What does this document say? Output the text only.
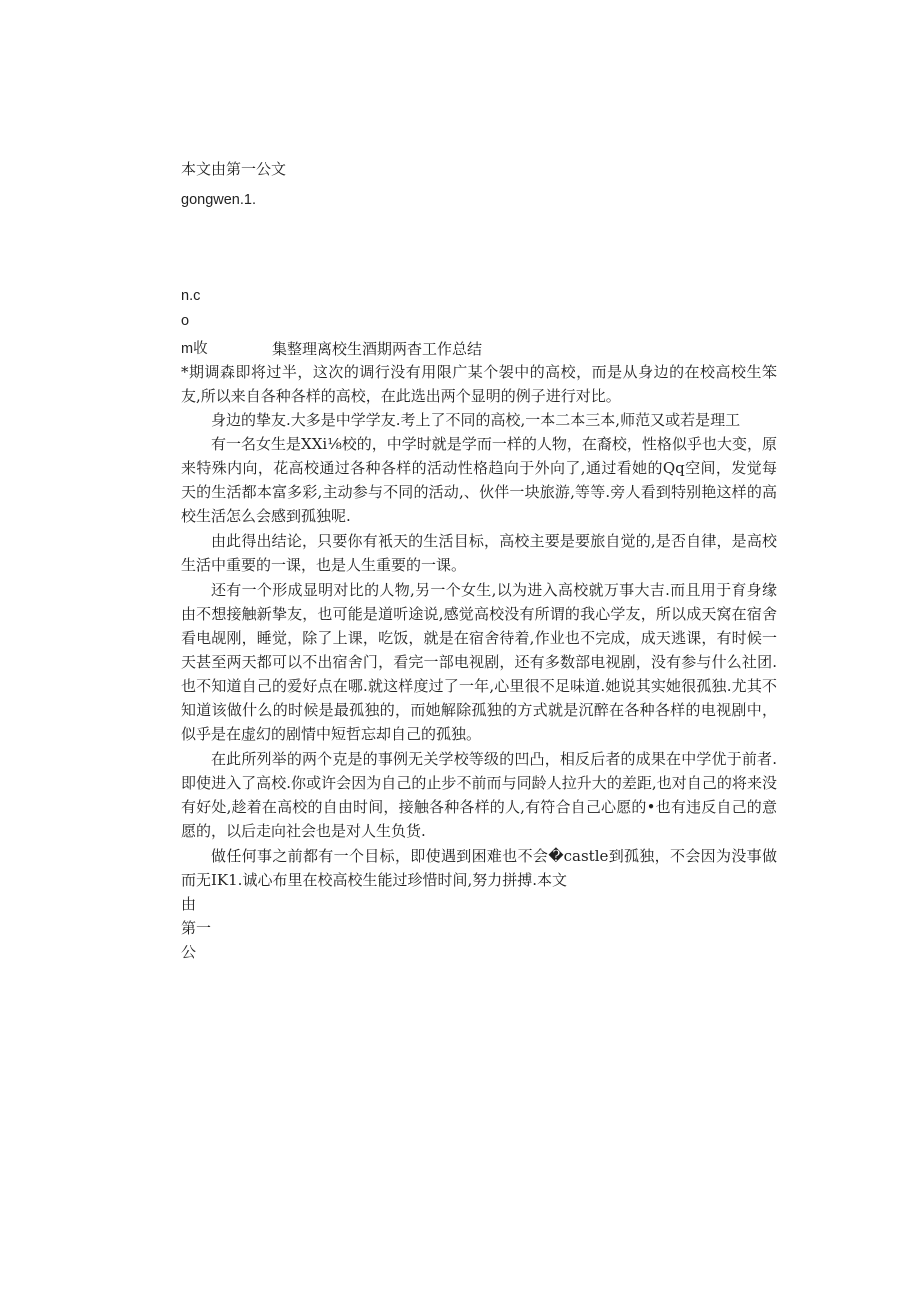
本文由第一公文
gongwen.1.
n.c
o
m收	集整理离校生酒期两杳工作总结

*期调森即将过半，这次的调行没有用限广某个袈中的高校，而是从身边的在校高校生笨友,所以来自各种各样的高校，在此选出两个显明的例子进行对比。

身边的挚友.大多是中学学友.考上了不同的高校,一本二本三本,师范又或若是理工

有一名女生是XXi⅛校的，中学时就是学而一样的人物，在裔校，性格似乎也大变，原来特殊内向，花高校通过各种各样的活动性格趋向于外向了,通过看她的Qq空间，发觉每天的生活都本富多彩,主动参与不同的活动,、伙伴一块旅游,等等.旁人看到特别艳这样的高校生活怎么会感到孤独呢.

由此得出结论，只要你有衹天的生活目标，高校主要是要旅自觉的,是否自律，是高校生活中重要的一课，也是人生重要的一课。

还有一个形成显明对比的人物,另一个女生,以为进入高校就万事大吉.而且用于育身缘由不想接触新挚友，也可能是道听途说,感觉高校没有所谓的我心学友，所以成天窝在宿舍看电觇刚，睡觉，除了上课，吃饭，就是在宿舍待着,作业也不完成，成天逃课，有时候一天甚至两天都可以不出宿舍门，看完一部电视剧，还有多数部电视剧，没有参与什么社团.也不知道自己的爱好点在哪.就这样度过了一年,心里很不足味道.她说其实她很孤独.尤其不知道该做什么的时候是最孤独的，而她解除孤独的方式就是沉醉在各种各样的电视剧中，似乎是在虚幻的剧情中短哲忘却自己的孤独。

在此所列举的两个克是的事例无关学校等级的凹凸，相反后者的成果在中学优于前者.即使进入了高校.你或许会因为自己的止步不前而与同龄人拉升大的差距,也对自己的将来没有好处,趁着在高校的自由时间，接触各种各样的人,有符合自己心愿的•也有违反自己的意愿的，以后走向社会也是对人生负货.

做任何事之前都有一个目标，即使遇到困难也不会�castle到孤独，不会因为没事做而无IK1.诚心布里在校高校生能过珍惜时间,努力拼搏.本文

由
第一
公
